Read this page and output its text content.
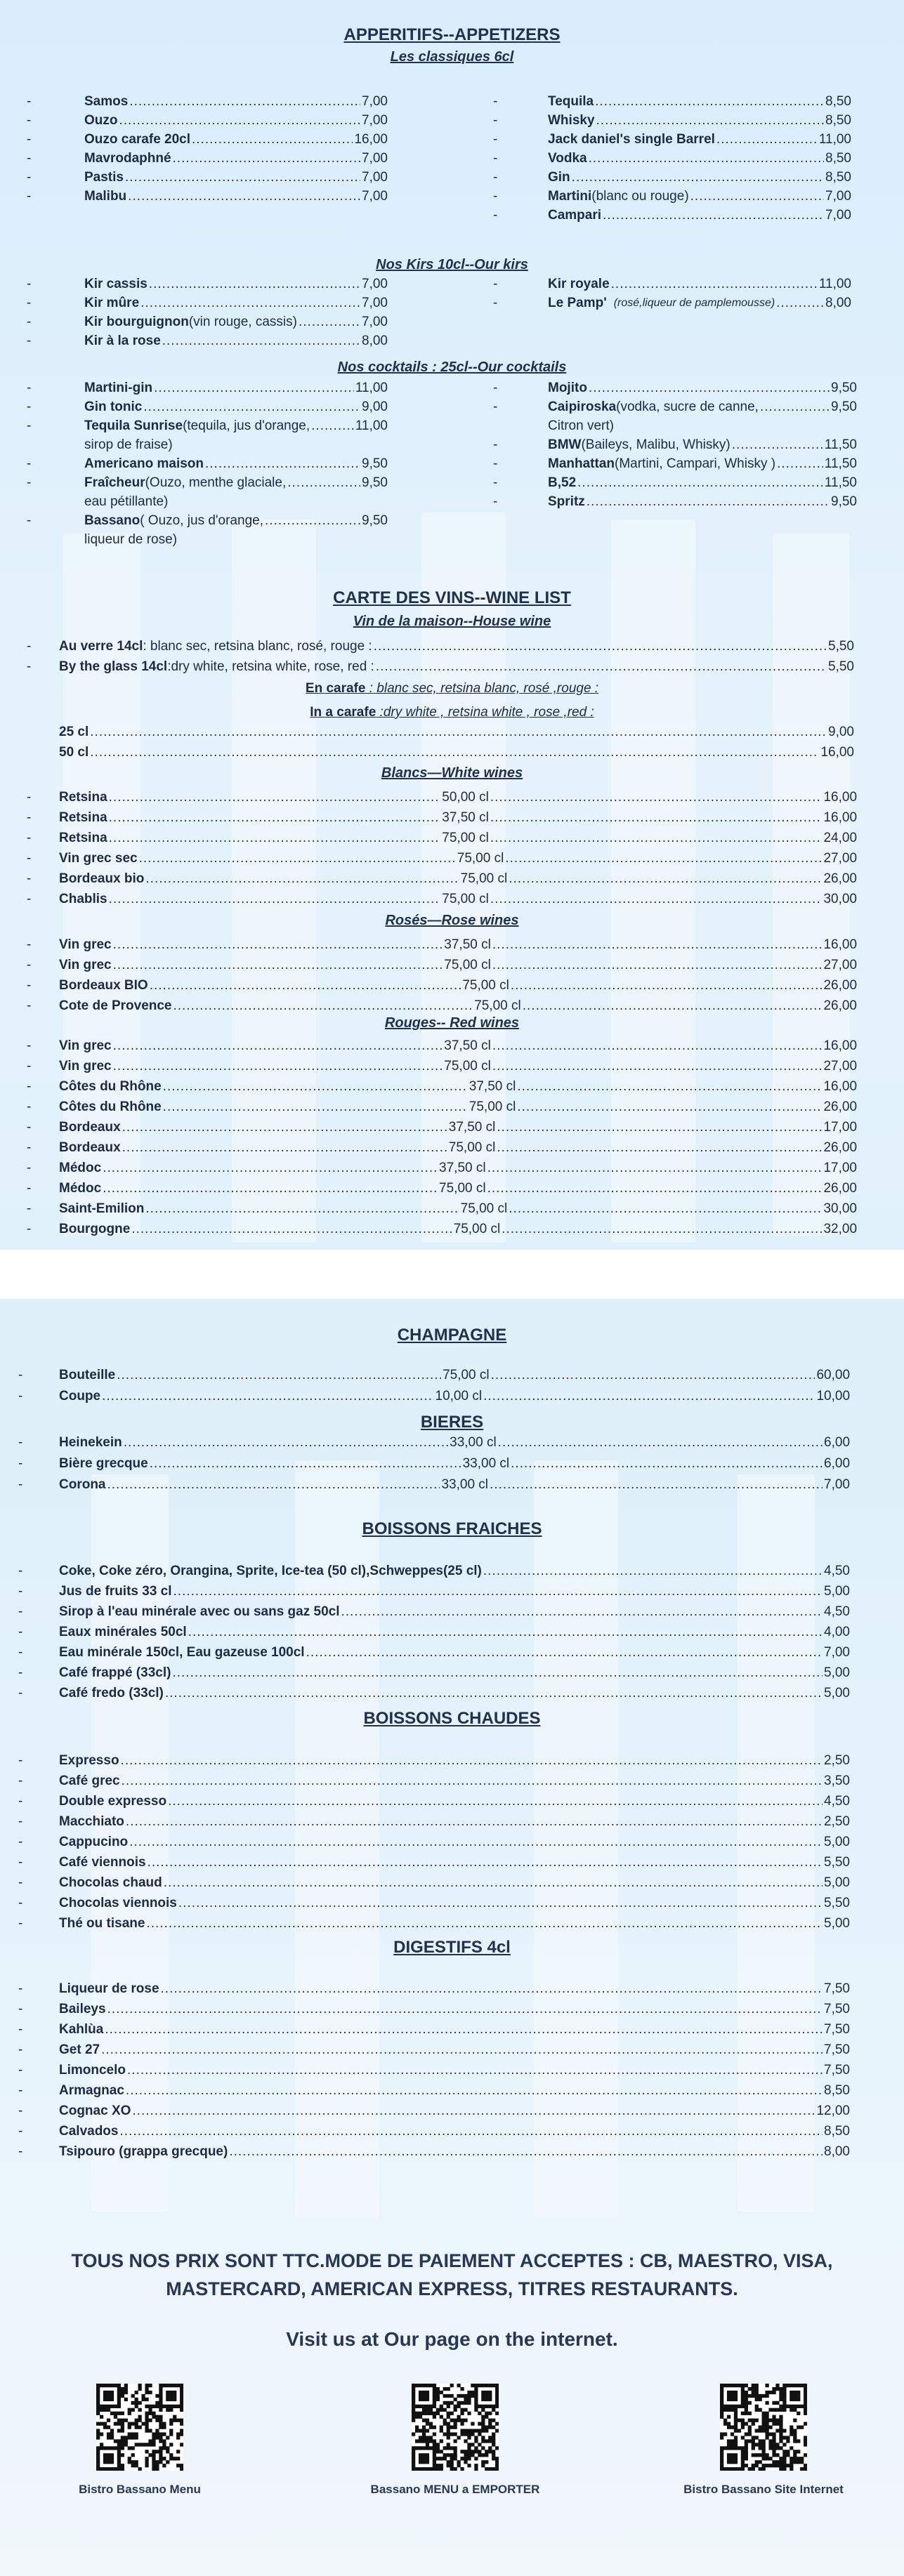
APPERITIFS--APPETIZERS
Les classiques 6cl
Nos Kirs 10cl--Our kirs
Nos cocktails : 25cl--Our cocktails
CARTE DES VINS--WINE LIST
Vin de la maison--House wine
En carafe : blanc sec, retsina blanc, rosé ,rouge :
In a carafe :dry white , retsina white , rose ,red :
Blancs—White wines
Rosés—Rose wines
Rouges-- Red wines
CHAMPAGNE
BIERES
BOISSONS FRAICHES
BOISSONS CHAUDES
DIGESTIFS 4cl
TOUS NOS PRIX SONT TTC.MODE DE PAIEMENT ACCEPTES : CB, MAESTRO, VISA,
MASTERCARD, AMERICAN EXPRESS, TITRES RESTAURANTS.
Visit us at Our page on the internet.
Bistro Bassano Menu	Bassano MENU a EMPORTER	Bistro Bassano Site Internet
-	Samos .....	7,00
-	Ouzo .....	7,00
-	Ouzo carafe 20cl .....	16,00
-	Mavrodaphné .....	7,00
-	Pastis .....	7,00
-	Malibu .....	7,00
-	Tequila .....	8,50
-	Whisky .....	8,50
-	Jack daniel's single Barrel .....	11,00
-	Vodka .....	8,50
-	Gin .....	8,50
-	Martini (blanc ou rouge) .....	7,00
-	Campari .....	7,00
-	Kir cassis .....	7,00
-	Kir mûre .....	7,00
-	Kir bourguignon (vin rouge, cassis) .....	7,00
-	Kir à la rose .....	8,00
-	Kir royale .....	11,00
-	Le Pamp' (rosé,liqueur de pamplemousse) .....	8,00
-	Martini-gin .....	11,00
-	Gin tonic .....	9,00
-	Tequila Sunrise (tequila, jus d'orange, .....	11,00
sirop de fraise)
-	Americano maison .....	9,50
-	Fraîcheur (Ouzo, menthe glaciale, .....	9,50
eau pétillante)
-	Bassano ( Ouzo, jus d'orange, .....	9,50
liqueur de rose)
-	Mojito .....	9,50
-	Caipiroska (vodka, sucre de canne, .....	9,50
Citron vert)
-	BMW (Baileys, Malibu, Whisky) .....	11,50
-	Manhattan (Martini, Campari, Whisky ) .....	11,50
-	B,52 .....	11,50
-	Spritz .....	9,50
- Au verre 14cl : blanc sec, retsina blanc, rosé, rouge : .....	5,50
- By the glass 14cl :dry white, retsina white, rose, red : .....	5,50
25 cl .....	9,00
50 cl .....	16,00
- Retsina .....	50,00 cl .....	16,00
- Retsina .....	37,50 cl .....	16,00
- Retsina .....	75,00 cl .....	24,00
- Vin grec sec .....	75,00 cl .....	27,00
- Bordeaux bio .....	75,00 cl .....	26,00
- Chablis .....	75,00 cl .....	30,00
- Vin grec .....	37,50 cl .....	16,00
- Vin grec .....	75,00 cl .....	27,00
- Bordeaux BIO .....	75,00 cl .....	26,00
- Cote de Provence .....	75,00 cl .....	26,00
- Vin grec .....	37,50 cl .....	16,00
- Vin grec .....	75,00 cl .....	27,00
- Côtes du Rhône .....	37,50 cl .....	16,00
- Côtes du Rhône .....	75,00 cl .....	26,00
- Bordeaux .....	37,50 cl .....	17,00
- Bordeaux .....	75,00 cl .....	26,00
- Médoc .....	37,50 cl .....	17,00
- Médoc .....	75,00 cl .....	26,00
- Saint-Emilion .....	75,00 cl .....	30,00
- Bourgogne .....	75,00 cl .....	32,00
-	Bouteille .....	75,00 cl .....	60,00
-	Coupe .....	10,00 cl .....	10,00
-	Heinekein .....	33,00 cl .....	6,00
-	Bière grecque .....	33,00 cl .....	6,00
-	Corona .....	33,00 cl .....	7,00
-	Coke, Coke zéro, Orangina, Sprite, Ice-tea (50 cl),Schweppes(25 cl) .....	4,50
-	Jus de fruits 33 cl .....	5,00
-	Sirop à l'eau minérale avec ou sans gaz 50cl .....	4,50
-	Eaux minérales 50cl .....	4,00
-	Eau minérale 150cl, Eau gazeuse 100cl .....	7,00
-	Café frappé (33cl) .....	5,00
-	Café fredo (33cl) .....	5,00
-	Expresso .....	2,50
-	Café grec .....	3,50
-	Double expresso .....	4,50
-	Macchiato .....	2,50
-	Cappucino .....	5,00
-	Café viennois .....	5,50
-	Chocolas chaud .....	5,00
-	Chocolas viennois .....	5,50
-	Thé ou tisane .....	5,00
-	Liqueur de rose .....	7,50
-	Baileys .....	7,50
-	Kahlùa .....	7,50
-	Get 27 .....	7,50
-	Limoncelo .....	7,50
-	Armagnac .....	8,50
-	Cognac XO .....	12,00
-	Calvados .....	8,50
-	Tsipouro (grappa grecque) .....	8,00
